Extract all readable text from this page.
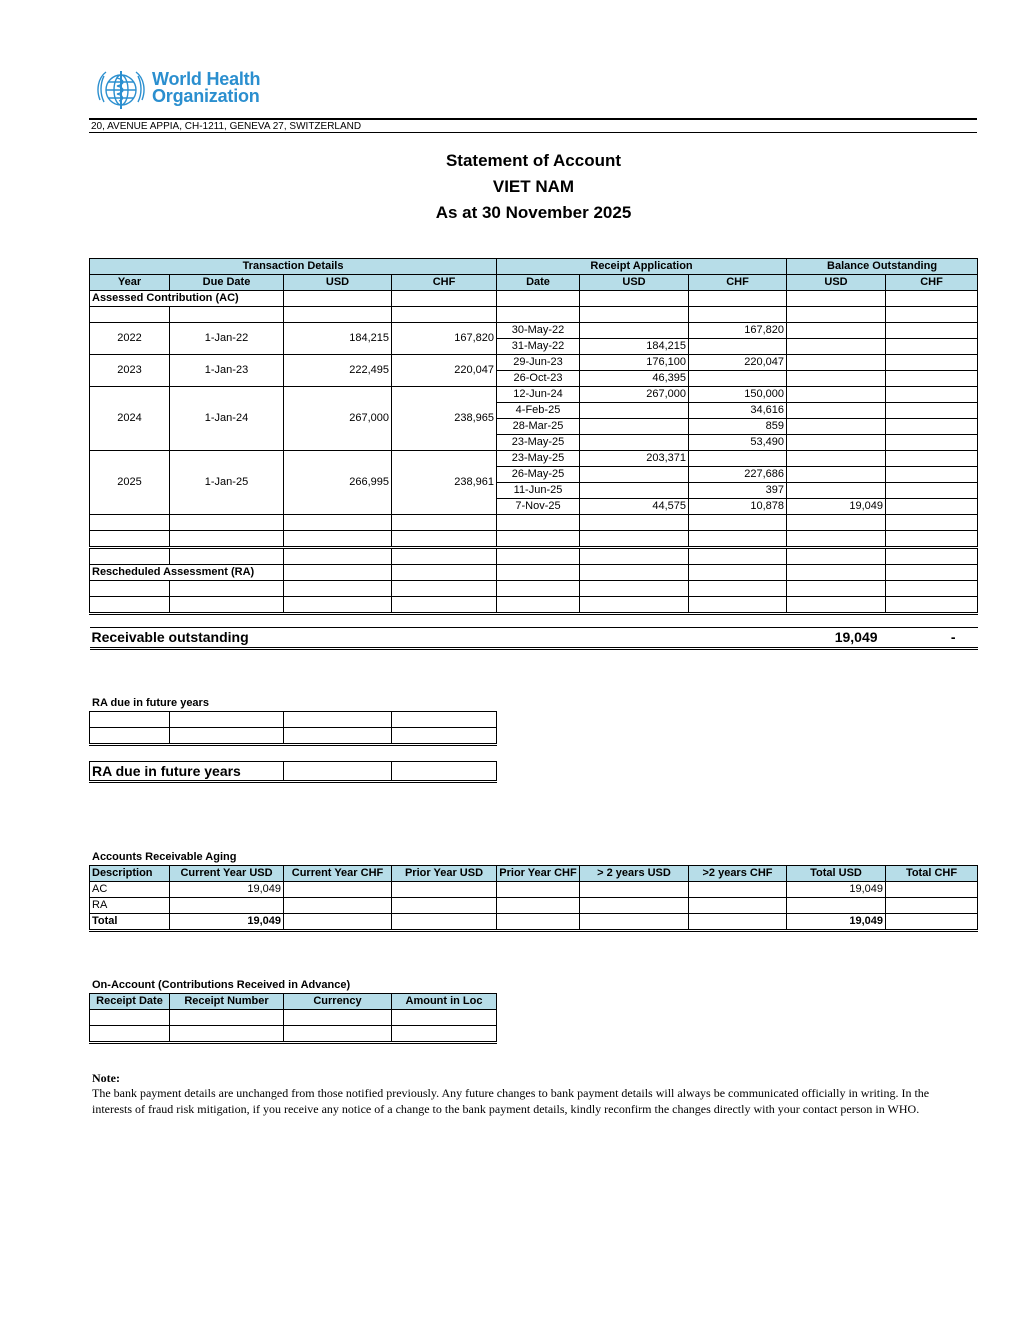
World Health
Organization
20, AVENUE APPIA, CH-1211, GENEVA 27, SWITZERLAND
Statement of Account
VIET NAM
As at 30 November 2025
Transaction Details				Receipt Application			Balance Outstanding	
Year	Due Date	USD	CHF	Date	USD	CHF	USD	CHF
Assessed Contribution (AC)								

2022	1-Jan-22	184,215	167,820	30-May-22		167,820		
				31-May-22	184,215			
2023	1-Jan-23	222,495	220,047	29-Jun-23	176,100	220,047		
				26-Oct-23	46,395			
2024	1-Jan-24	267,000	238,965	12-Jun-24	267,000	150,000		
				4-Feb-25		34,616		
				28-Mar-25		859		
				23-May-25		53,490		
2025	1-Jan-25	266,995	238,961	23-May-25	203,371			
				26-May-25		227,686		
				11-Jun-25		397		
				7-Nov-25	44,575	10,878	19,049	

Rescheduled Assessment (RA)								

Receivable outstanding							19,049	-
RA due in future years

RA due in future years		
Accounts Receivable Aging
Description	Current Year USD	Current Year CHF	Prior Year USD	Prior Year CHF	> 2 years USD	>2 years CHF	Total USD	Total CHF
AC	19,049						19,049	
RA								
Total	19,049						19,049	
On-Account (Contributions Received in Advance)
Receipt Date	Receipt Number	Currency	Amount in Loc

Note:
The bank payment details are unchanged from those notified previously. Any future changes to bank payment details will always be communicated officially in writing. In the interests of fraud risk mitigation, if you receive any notice of a change to the bank payment details, kindly reconfirm the changes directly with your contact person in WHO.
